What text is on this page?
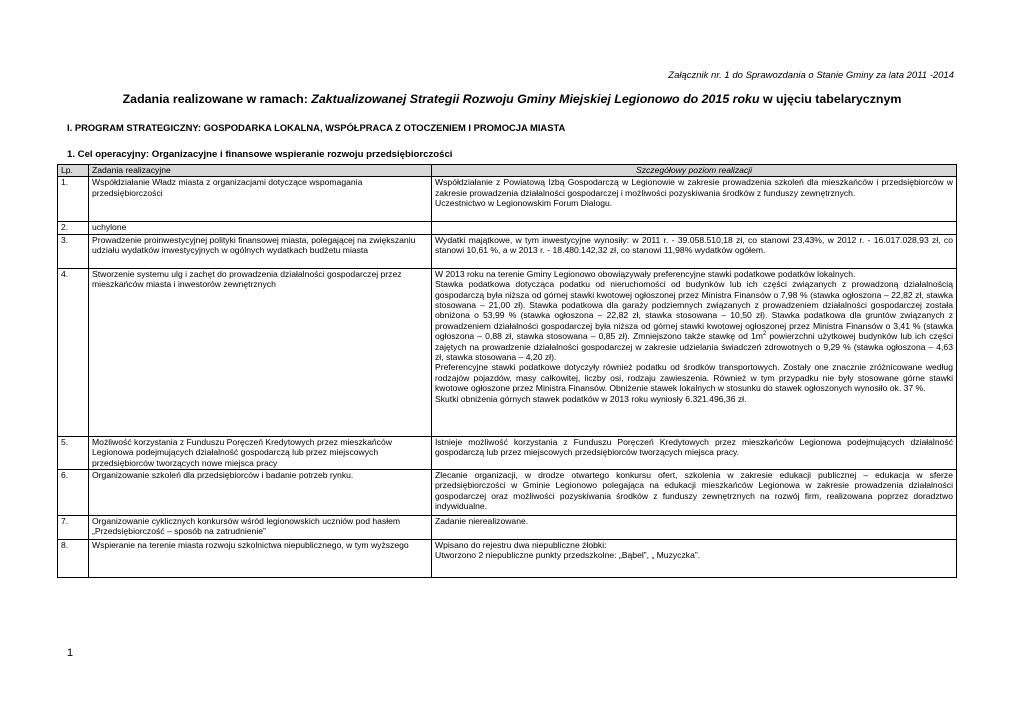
Załącznik nr. 1 do Sprawozdania o Stanie Gminy za lata 2011 -2014
Zadania realizowane w ramach: Zaktualizowanej Strategii Rozwoju Gminy Miejskiej Legionowo do 2015 roku w ujęciu tabelarycznym
I. PROGRAM STRATEGICZNY: GOSPODARKA LOKALNA, WSPÓŁPRACA Z OTOCZENIEM I PROMOCJA MIASTA
1. Cel operacyjny: Organizacyjne i finansowe wspieranie rozwoju przedsiębiorczości
Lp.	Zadania realizacyjne	Szczegółowy poziom realizacji
1.	Współdziałanie Władz miasta z organizacjami dotyczące wspomagania przedsiębiorczości	Współdziałanie z Powiatową Izbą Gospodarczą w Legionowie w zakresie prowadzenia szkoleń dla mieszkańców i przedsiębiorców w zakresie prowadzenia działalności gospodarczej i możliwości pozyskiwania środków z funduszy zewnętrznych.
Uczestnictwo w Legionowskim Forum Dialogu.

2.	uchylone	
3.	Prowadzenie proinwestycyjnej polityki finansowej miasta, polegającej na zwiększaniu udziału wydatków inwestycyjnych w ogólnych wydatkach budżetu miasta	Wydatki majątkowe, w tym inwestycyjne wynosiły: w 2011 r. - 39.058.510,18 zł, co stanowi 23,43%, w 2012 r. - 16.017.028,93 zł, co stanowi 10,61 %, a w 2013 r. - 18.480.142,32 zł, co stanowi 11,98% wydatków ogółem.

4.	Stworzenie systemu ulg i zachęt do prowadzenia działalności gospodarczej przez mieszkańców miasta i inwestorów zewnętrznych	W 2013 roku na terenie Gminy Legionowo obowiązywały preferencyjne stawki podatkowe podatków lokalnych.
Stawka podatkowa dotycząca podatku od nieruchomości od budynków lub ich części związanych z prowadzoną działalnością gospodarczą była niższa od górnej stawki kwotowej ogłoszonej przez Ministra Finansów o 7,98 % (stawka ogłoszona – 22,82 zł, stawka stosowana – 21,00 zł). Stawka podatkowa dla garaży podziemnych związanych z prowadzeniem działalności gospodarczej została obniżona o 53,99 % (stawka ogłoszona – 22,82 zł, stawka stosowana – 10,50 zł). Stawka podatkowa dla gruntów związanych z prowadzeniem działalności gospodarczej była niższa od górnej stawki kwotowej ogłoszonej przez Ministra Finansów o 3,41 % (stawka ogłoszona – 0,88 zł, stawka stosowana – 0,85 zł). Zmniejszono także stawkę od $1m^2$ powierzchni użytkowej budynków lub ich części zajętych na prowadzenie działalności gospodarczej w zakresie udzielania świadczeń zdrowotnych o 9,29 % (stawka ogłoszona – 4,63 zł, stawka stosowana – 4,20 zł).
Preferencyjne stawki podatkowe dotyczyły również podatku od środków transportowych. Zostały one znacznie zróżnicowane według rodzajów pojazdów, masy całkowitej, liczby osi, rodzaju zawieszenia. Również w tym przypadku nie były stosowane górne stawki kwotowe ogłoszone przez Ministra Finansów. Obniżenie stawek lokalnych w stosunku do stawek ogłoszonych wynosiło ok. 37 %.
Skutki obniżenia górnych stawek podatków w 2013 roku wyniosły 6.321.496,36 zł.

5.	Możliwość korzystania z Funduszu Poręczeń Kredytowych przez mieszkańców Legionowa podejmujących działalność gospodarczą lub przez miejscowych przedsiębiorców tworzących nowe miejsca pracy	Istnieje możliwość korzystania z Funduszu Poręczeń Kredytowych przez mieszkańców Legionowa podejmujących działalność gospodarczą lub przez miejscowych przedsiębiorców tworzących miejsca pracy.

6.	Organizowanie szkoleń dla przedsiębiorców i badanie potrzeb rynku.	Zlecanie organizacji, w drodze otwartego konkursu ofert, szkolenia w zakresie edukacji publicznej – edukacja w sferze przedsiębiorczości w Gminie Legionowo polegająca na edukacji mieszkańców Legionowa w zakresie prowadzenia działalności gospodarczej oraz możliwości pozyskiwania środków z funduszy zewnętrznych na rozwój firm, realizowana poprzez doradztwo indywidualne.

7.	Organizowanie cyklicznych konkursów wśród legionowskich uczniów pod hasłem „Przedsiębiorczość – sposób na zatrudnienie”	Zadanie nierealizowane.

8.	Wspieranie na terenie miasta rozwoju szkolnictwa niepublicznego, w tym wyższego	Wpisano do rejestru dwa niepubliczne żłobki:
Utworzono 2 niepubliczne punkty przedszkolne: „Bąbel”, „ Muzyczka”.
1
